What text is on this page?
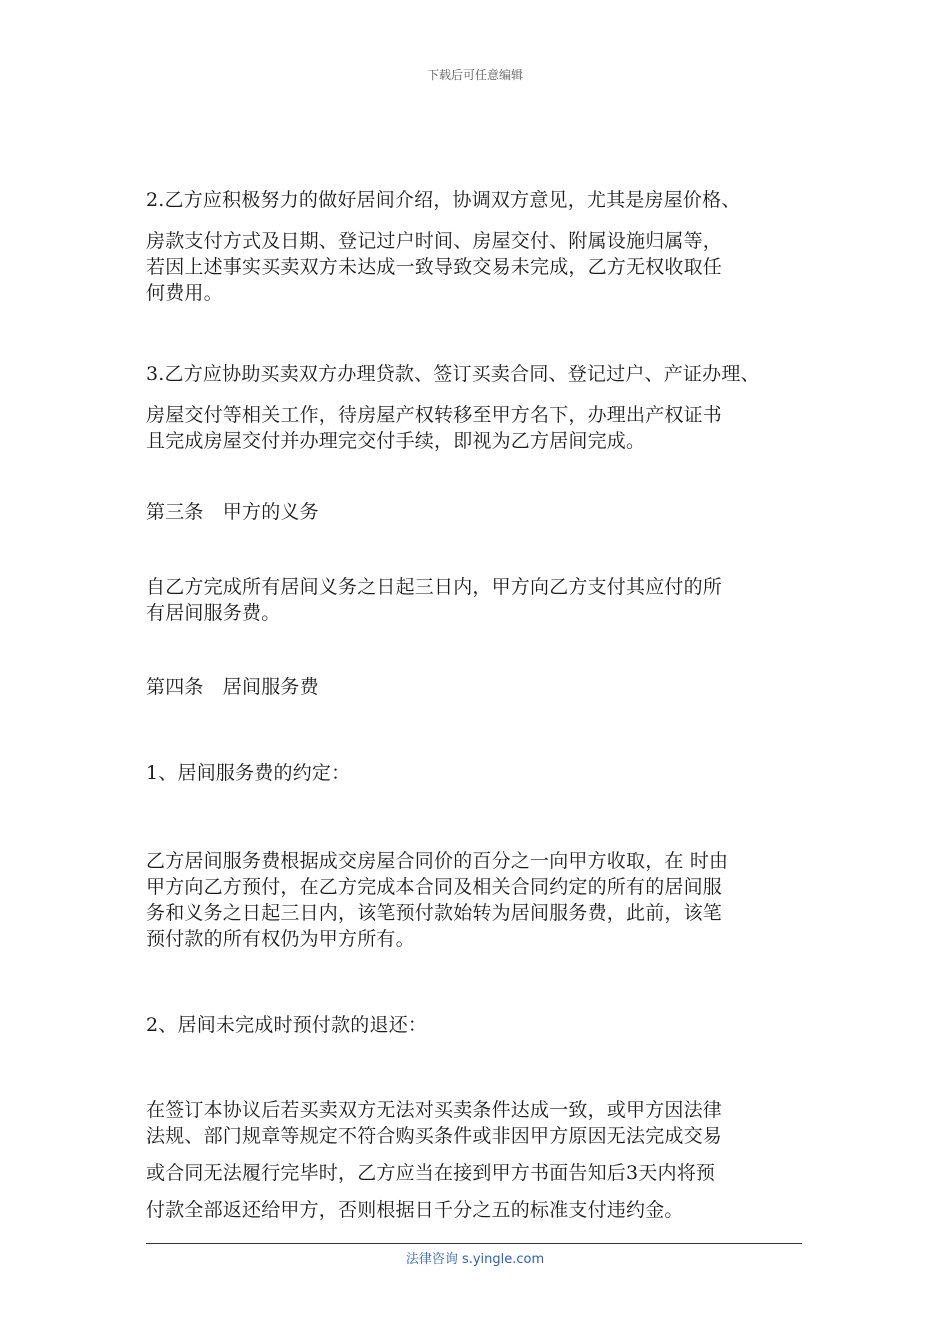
下载后可任意编辑
2.乙方应积极努力的做好居间介绍，协调双方意见，尤其是房屋价格、
房款支付方式及日期、登记过户时间、房屋交付、附属设施归属等，
若因上述事实买卖双方未达成一致导致交易未完成，乙方无权收取任
何费用。
3.乙方应协助买卖双方办理贷款、签订买卖合同、登记过户、产证办理、
房屋交付等相关工作，待房屋产权转移至甲方名下，办理出产权证书
且完成房屋交付并办理完交付手续，即视为乙方居间完成。
第三条　甲方的义务
自乙方完成所有居间义务之日起三日内，甲方向乙方支付其应付的所
有居间服务费。
第四条　居间服务费
1、居间服务费的约定：
乙方居间服务费根据成交房屋合同价的百分之一向甲方收取，在 时由
甲方向乙方预付，在乙方完成本合同及相关合同约定的所有的居间服
务和义务之日起三日内，该笔预付款始转为居间服务费，此前，该笔
预付款的所有权仍为甲方所有。
2、居间未完成时预付款的退还：
在签订本协议后若买卖双方无法对买卖条件达成一致，或甲方因法律
法规、部门规章等规定不符合购买条件或非因甲方原因无法完成交易
或合同无法履行完毕时，乙方应当在接到甲方书面告知后3天内将预
付款全部返还给甲方，否则根据日千分之五的标准支付违约金。
法律咨询 s.yingle.com
